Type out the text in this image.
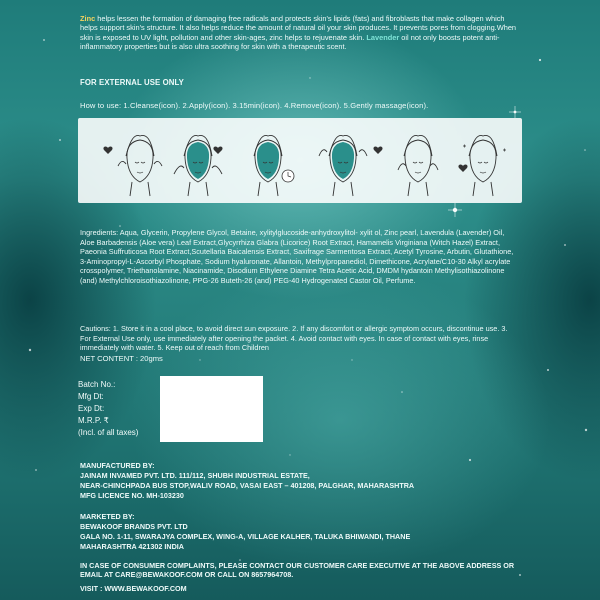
Zinc helps lessen the formation of damaging free radicals and protects skin's lipids (fats) and fibroblasts that make collagen which helps support skin's structure. It also helps reduce the amount of natural oil your skin produces. It prevents pores from clogging.When skin is exposed to UV light, pollution and other skin-ages, zinc helps to rejuvenate skin. Lavender oil not only boosts potent anti-inflammatory properties but is also ultra soothing for skin with a therapeutic scent.
FOR EXTERNAL USE ONLY
How to use: 1.Cleanse(icon). 2.Apply(icon). 3.15min(icon). 4.Remove(icon). 5.Gently massage(icon).
Ingredients: Aqua, Glycerin, Propylene Glycol, Betaine, xylitylglucoside-anhydroxylitol- xylit ol, Zinc pearl, Lavendula (Lavender) Oil, Aloe Barbadensis (Aloe vera) Leaf Extract,Glycyrrhiza Glabra (Licorice) Root Extract, Hamamelis Virginiana (Witch Hazel) Extract, Paeonia Suffruticosa Root Extract,Scutellaria Baicalensis Extract, Saxifrage Sarmentosa Extract, Acetyl Tyrosine, Arbutin, Glutathione, 3-Aminopropyl-L-Ascorbyl Phosphate, Sodium hyaluronate, Allantoin, Methylpropanediol, Dimethicone, Acrylate/C10-30 Alkyl acrylate crosspolymer, Triethanolamine, Niacinamide, Disodium Ethylene Diamine Tetra Acetic Acid, DMDM hydantoin Methylisothiazolinone (and) Methylchloroisothiazolinone, PPG-26 Buteth-26 (and) PEG-40 Hydrogenated Castor Oil, Perfume.
Cautions: 1. Store it in a cool place, to avoid direct sun exposure. 2. If any discomfort or allergic symptom occurs, discontinue use. 3. For External Use only, use immediately after opening the packet. 4. Avoid contact with eyes. In case of contact with eyes, rinse immediately with water. 5. Keep out of reach from Children
NET CONTENT : 20gms
Batch No.:
Mfg Dt:
Exp Dt:
M.R.P. ₹
(Incl. of all taxes)
MANUFACTURED BY:
JAINAM INVAMED PVT. LTD. 111/112, SHUBH INDUSTRIAL ESTATE,
NEAR-CHINCHPADA BUS STOP,WALIV ROAD, VASAI EAST – 401208, PALGHAR, MAHARASHTRA
MFG LICENCE NO. MH-103230
MARKETED BY:
BEWAKOOF BRANDS PVT. LTD
GALA NO. 1-11, SWARAJYA COMPLEX, WING-A, VILLAGE KALHER, TALUKA BHIWANDI, THANE
MAHARASHTRA 421302 INDIA
IN CASE OF CONSUMER COMPLAINTS, PLEASE CONTACT OUR CUSTOMER CARE EXECUTIVE AT THE ABOVE ADDRESS OR EMAIL AT CARE@BEWAKOOF.COM OR CALL ON 8657964708.
VISIT : WWW.BEWAKOOF.COM
